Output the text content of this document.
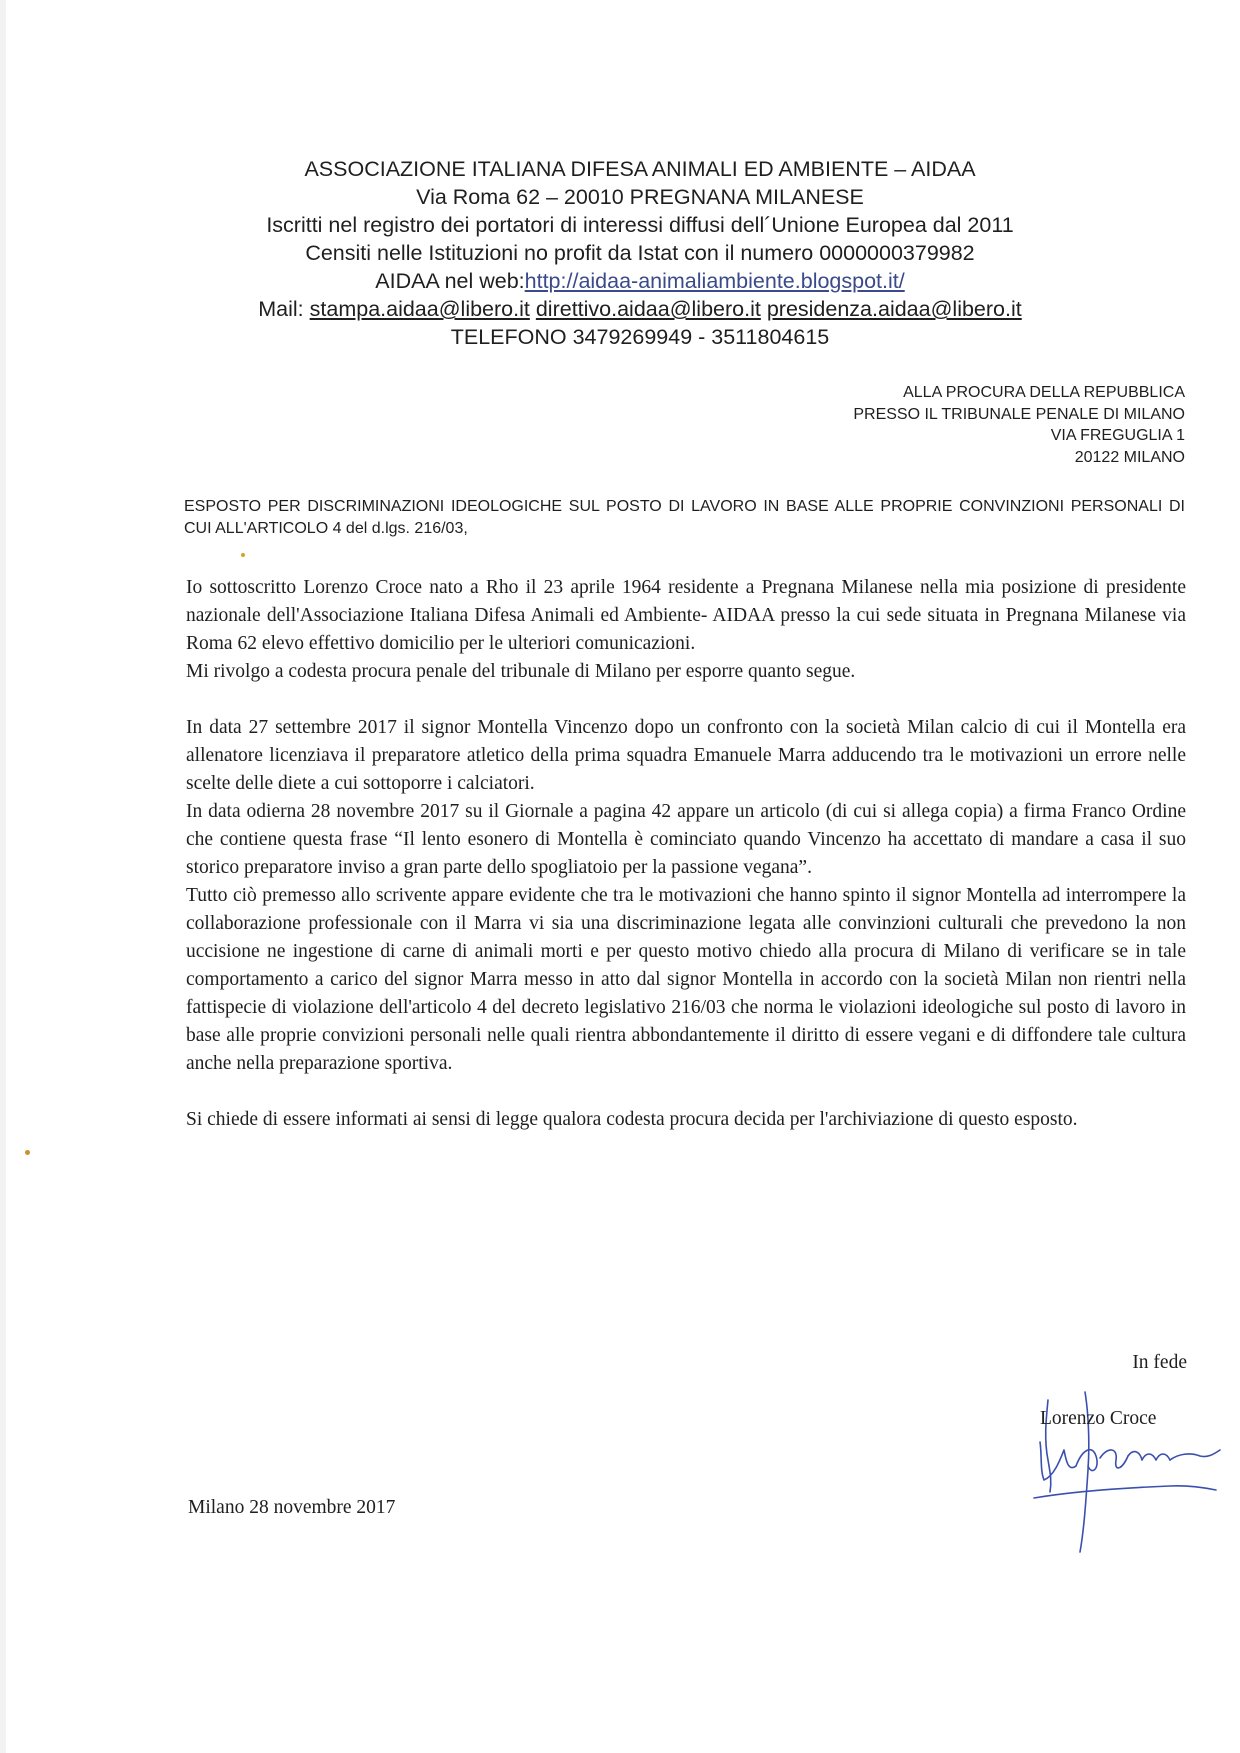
ASSOCIAZIONE ITALIANA DIFESA ANIMALI ED AMBIENTE – AIDAA
Via Roma 62 – 20010 PREGNANA MILANESE
Iscritti nel registro dei portatori di interessi diffusi dell´Unione Europea dal 2011
Censiti nelle Istituzioni no profit da Istat con il numero 0000000379982
AIDAA nel web:http://aidaa-animaliambiente.blogspot.it/
Mail: stampa.aidaa@libero.it direttivo.aidaa@libero.it presidenza.aidaa@libero.it
TELEFONO 3479269949 - 3511804615
ALLA PROCURA DELLA REPUBBLICA
PRESSO IL TRIBUNALE PENALE DI MILANO
VIA FREGUGLIA 1
20122 MILANO
ESPOSTO PER DISCRIMINAZIONI IDEOLOGICHE SUL POSTO DI LAVORO IN BASE ALLE PROPRIE CONVINZIONI PERSONALI DI CUI ALL'ARTICOLO 4 del d.lgs. 216/03,

Io sottoscritto Lorenzo Croce nato a Rho il 23 aprile 1964 residente a Pregnana Milanese nella mia posizione di presidente nazionale dell'Associazione Italiana Difesa Animali ed Ambiente- AIDAA presso la cui sede situata in Pregnana Milanese via Roma 62 elevo effettivo domicilio per le ulteriori comunicazioni.

Mi rivolgo a codesta procura penale del tribunale di Milano per esporre quanto segue.

In data 27 settembre 2017 il signor Montella Vincenzo dopo un confronto con la società Milan calcio di cui il Montella era allenatore licenziava il preparatore atletico della prima squadra Emanuele Marra adducendo tra le motivazioni un errore nelle scelte delle diete a cui sottoporre i calciatori.

In data odierna 28 novembre 2017 su il Giornale a pagina 42 appare un articolo (di cui si allega copia) a firma Franco Ordine che contiene questa frase “Il lento esonero di Montella è cominciato quando Vincenzo ha accettato di mandare a casa il suo storico preparatore inviso a gran parte dello spogliatoio per la passione vegana”.

Tutto ciò premesso allo scrivente appare evidente che tra le motivazioni che hanno spinto il signor Montella ad interrompere la collaborazione professionale con il Marra vi sia una discriminazione legata alle convinzioni culturali che prevedono la non uccisione ne ingestione di carne di animali morti e per questo motivo chiedo alla procura di Milano di verificare se in tale comportamento a carico del signor Marra messo in atto dal signor Montella in accordo con la società Milan non rientri nella fattispecie di violazione dell'articolo 4 del decreto legislativo 216/03 che norma le violazioni ideologiche sul posto di lavoro in base alle proprie convizioni personali nelle quali rientra abbondantemente il diritto di essere vegani e di diffondere tale cultura anche nella preparazione sportiva.

Si chiede di essere informati ai sensi di legge qualora codesta procura decida per l'archiviazione di questo esposto.

In fede
Lorenzo Croce
Milano 28 novembre 2017
